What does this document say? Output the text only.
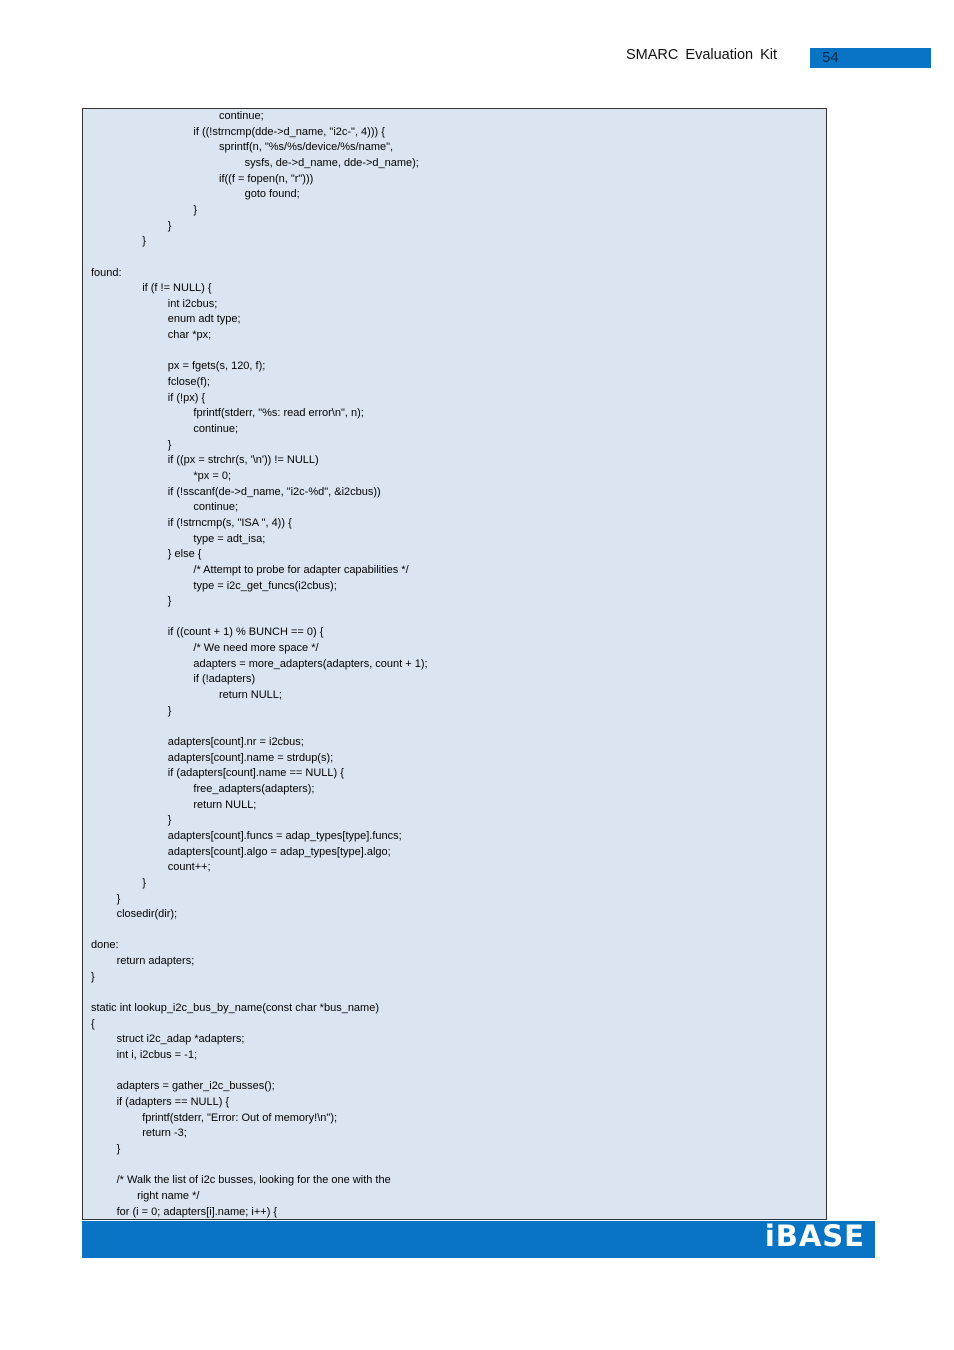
SMARC Evaluation Kit	54
continue;
if ((!strncmp(dde->d_name, "i2c-", 4))) {
sprintf(n, "%s/%s/device/%s/name",
sysfs, de->d_name, dde->d_name);
if((f = fopen(n, "r")))
goto found;
}
}
}
found:
if (f != NULL) {
int i2cbus;
enum adt type;
char *px;
px = fgets(s, 120, f);
fclose(f);
if (!px) {
fprintf(stderr, "%s: read error\n", n);
continue;
}
if ((px = strchr(s, '\n')) != NULL)
*px = 0;
if (!sscanf(de->d_name, "i2c-%d", &i2cbus))
continue;
if (!strncmp(s, "ISA ", 4)) {
type = adt_isa;
} else {
/* Attempt to probe for adapter capabilities */
type = i2c_get_funcs(i2cbus);
}
if ((count + 1) % BUNCH == 0) {
/* We need more space */
adapters = more_adapters(adapters, count + 1);
if (!adapters)
return NULL;
}
adapters[count].nr = i2cbus;
adapters[count].name = strdup(s);
if (adapters[count].name == NULL) {
free_adapters(adapters);
return NULL;
}
adapters[count].funcs = adap_types[type].funcs;
adapters[count].algo = adap_types[type].algo;
count++;
}
}
closedir(dir);
done:
return adapters;
}
static int lookup_i2c_bus_by_name(const char *bus_name)
{
struct i2c_adap *adapters;
int i, i2cbus = -1;
adapters = gather_i2c_busses();
if (adapters == NULL) {
fprintf(stderr, "Error: Out of memory!\n");
return -3;
}
/* Walk the list of i2c busses, looking for the one with the
right name */
for (i = 0; adapters[i].name; i++) {
iBASE
